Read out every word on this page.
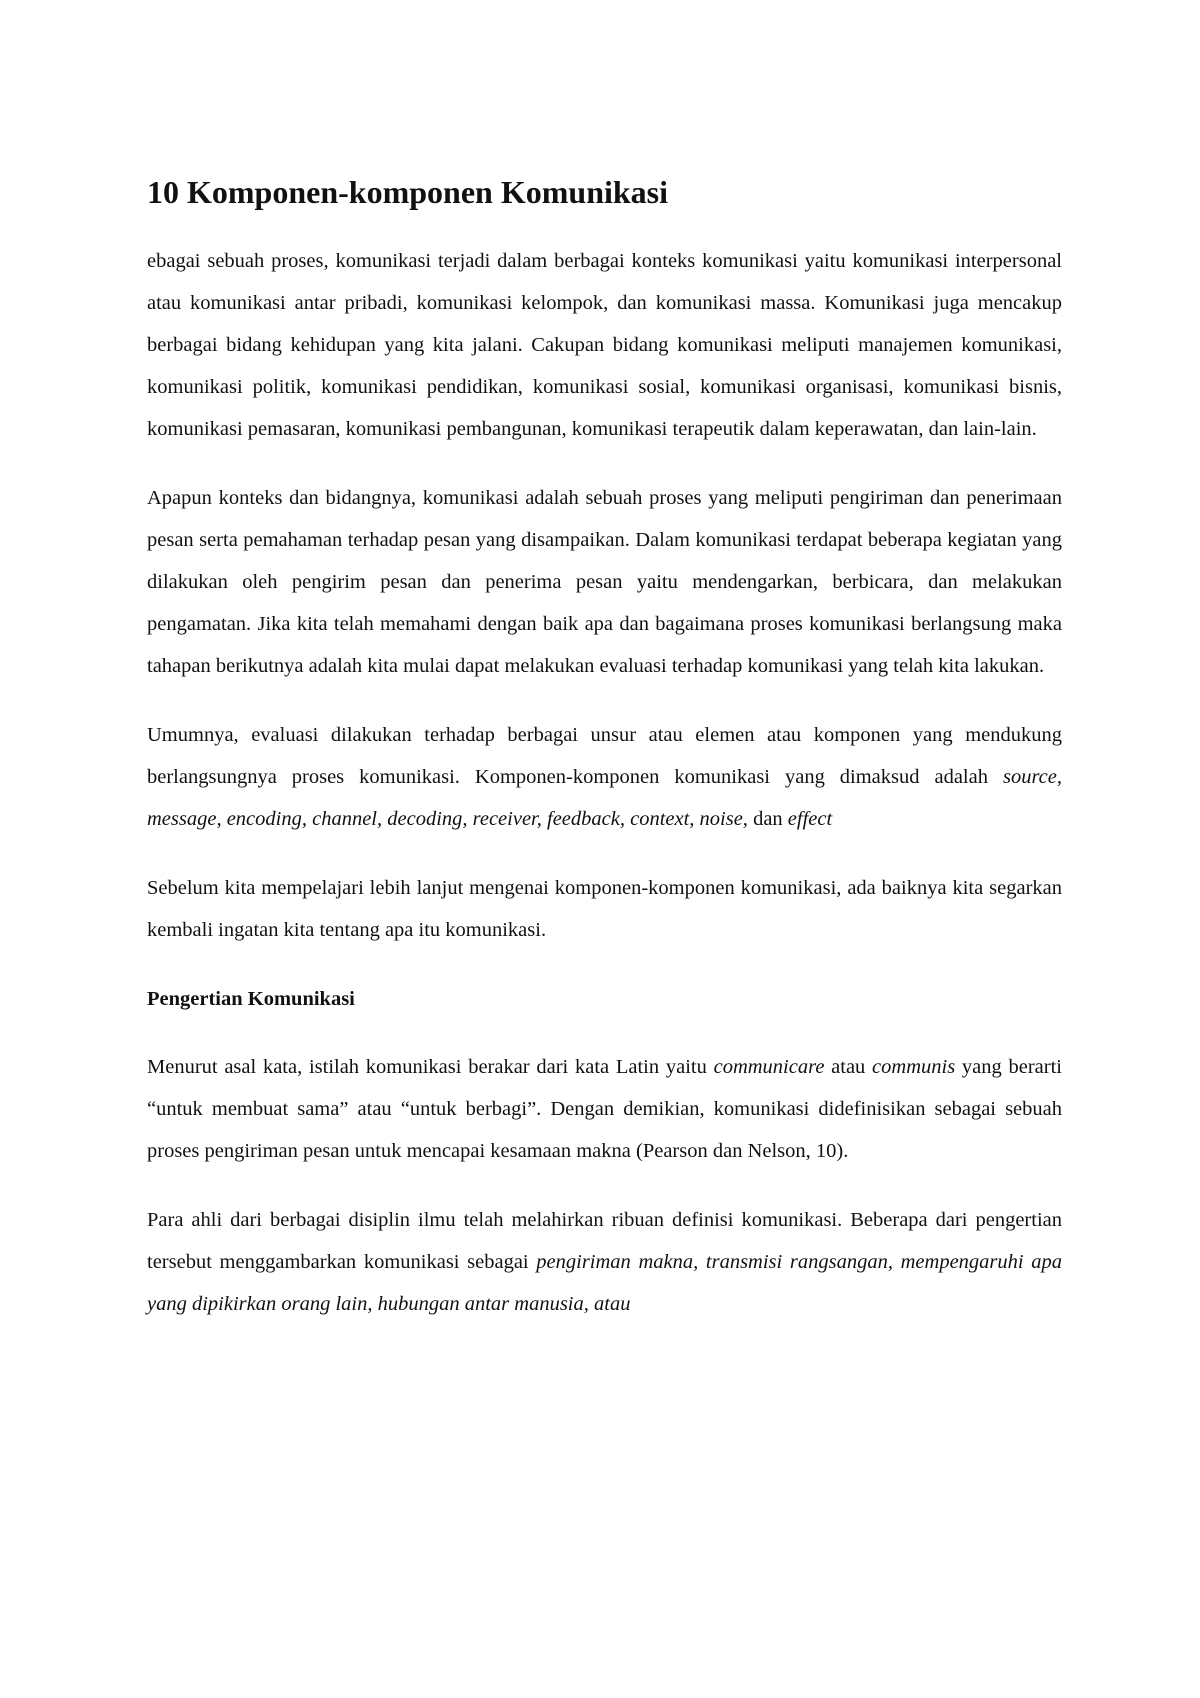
10 Komponen-komponen Komunikasi

ebagai sebuah proses, komunikasi terjadi dalam berbagai konteks komunikasi yaitu komunikasi interpersonal atau komunikasi antar pribadi, komunikasi kelompok, dan komunikasi massa. Komunikasi juga mencakup berbagai bidang kehidupan yang kita jalani. Cakupan bidang komunikasi meliputi manajemen komunikasi, komunikasi politik, komunikasi pendidikan, komunikasi sosial, komunikasi organisasi, komunikasi bisnis, komunikasi pemasaran, komunikasi pembangunan, komunikasi terapeutik dalam keperawatan, dan lain-lain.

Apapun konteks dan bidangnya, komunikasi adalah sebuah proses yang meliputi pengiriman dan penerimaan pesan serta pemahaman terhadap pesan yang disampaikan. Dalam komunikasi terdapat beberapa kegiatan yang dilakukan oleh pengirim pesan dan penerima pesan yaitu mendengarkan, berbicara, dan melakukan pengamatan. Jika kita telah memahami dengan baik apa dan bagaimana proses komunikasi berlangsung maka tahapan berikutnya adalah kita mulai dapat melakukan evaluasi terhadap komunikasi yang telah kita lakukan.

Umumnya, evaluasi dilakukan terhadap berbagai unsur atau elemen atau komponen yang mendukung berlangsungnya proses komunikasi. Komponen-komponen komunikasi yang dimaksud adalah source, message, encoding, channel, decoding, receiver, feedback, context, noise, dan effect

Sebelum kita mempelajari lebih lanjut mengenai komponen-komponen komunikasi, ada baiknya kita segarkan kembali ingatan kita tentang apa itu komunikasi.

Pengertian Komunikasi

Menurut asal kata, istilah komunikasi berakar dari kata Latin yaitu communicare atau communis yang berarti “untuk membuat sama” atau “untuk berbagi”. Dengan demikian, komunikasi didefinisikan sebagai sebuah proses pengiriman pesan untuk mencapai kesamaan makna (Pearson dan Nelson, 10).

Para ahli dari berbagai disiplin ilmu telah melahirkan ribuan definisi komunikasi. Beberapa dari pengertian tersebut menggambarkan komunikasi sebagai pengiriman makna, transmisi rangsangan, mempengaruhi apa yang dipikirkan orang lain, hubungan antar manusia, atau
